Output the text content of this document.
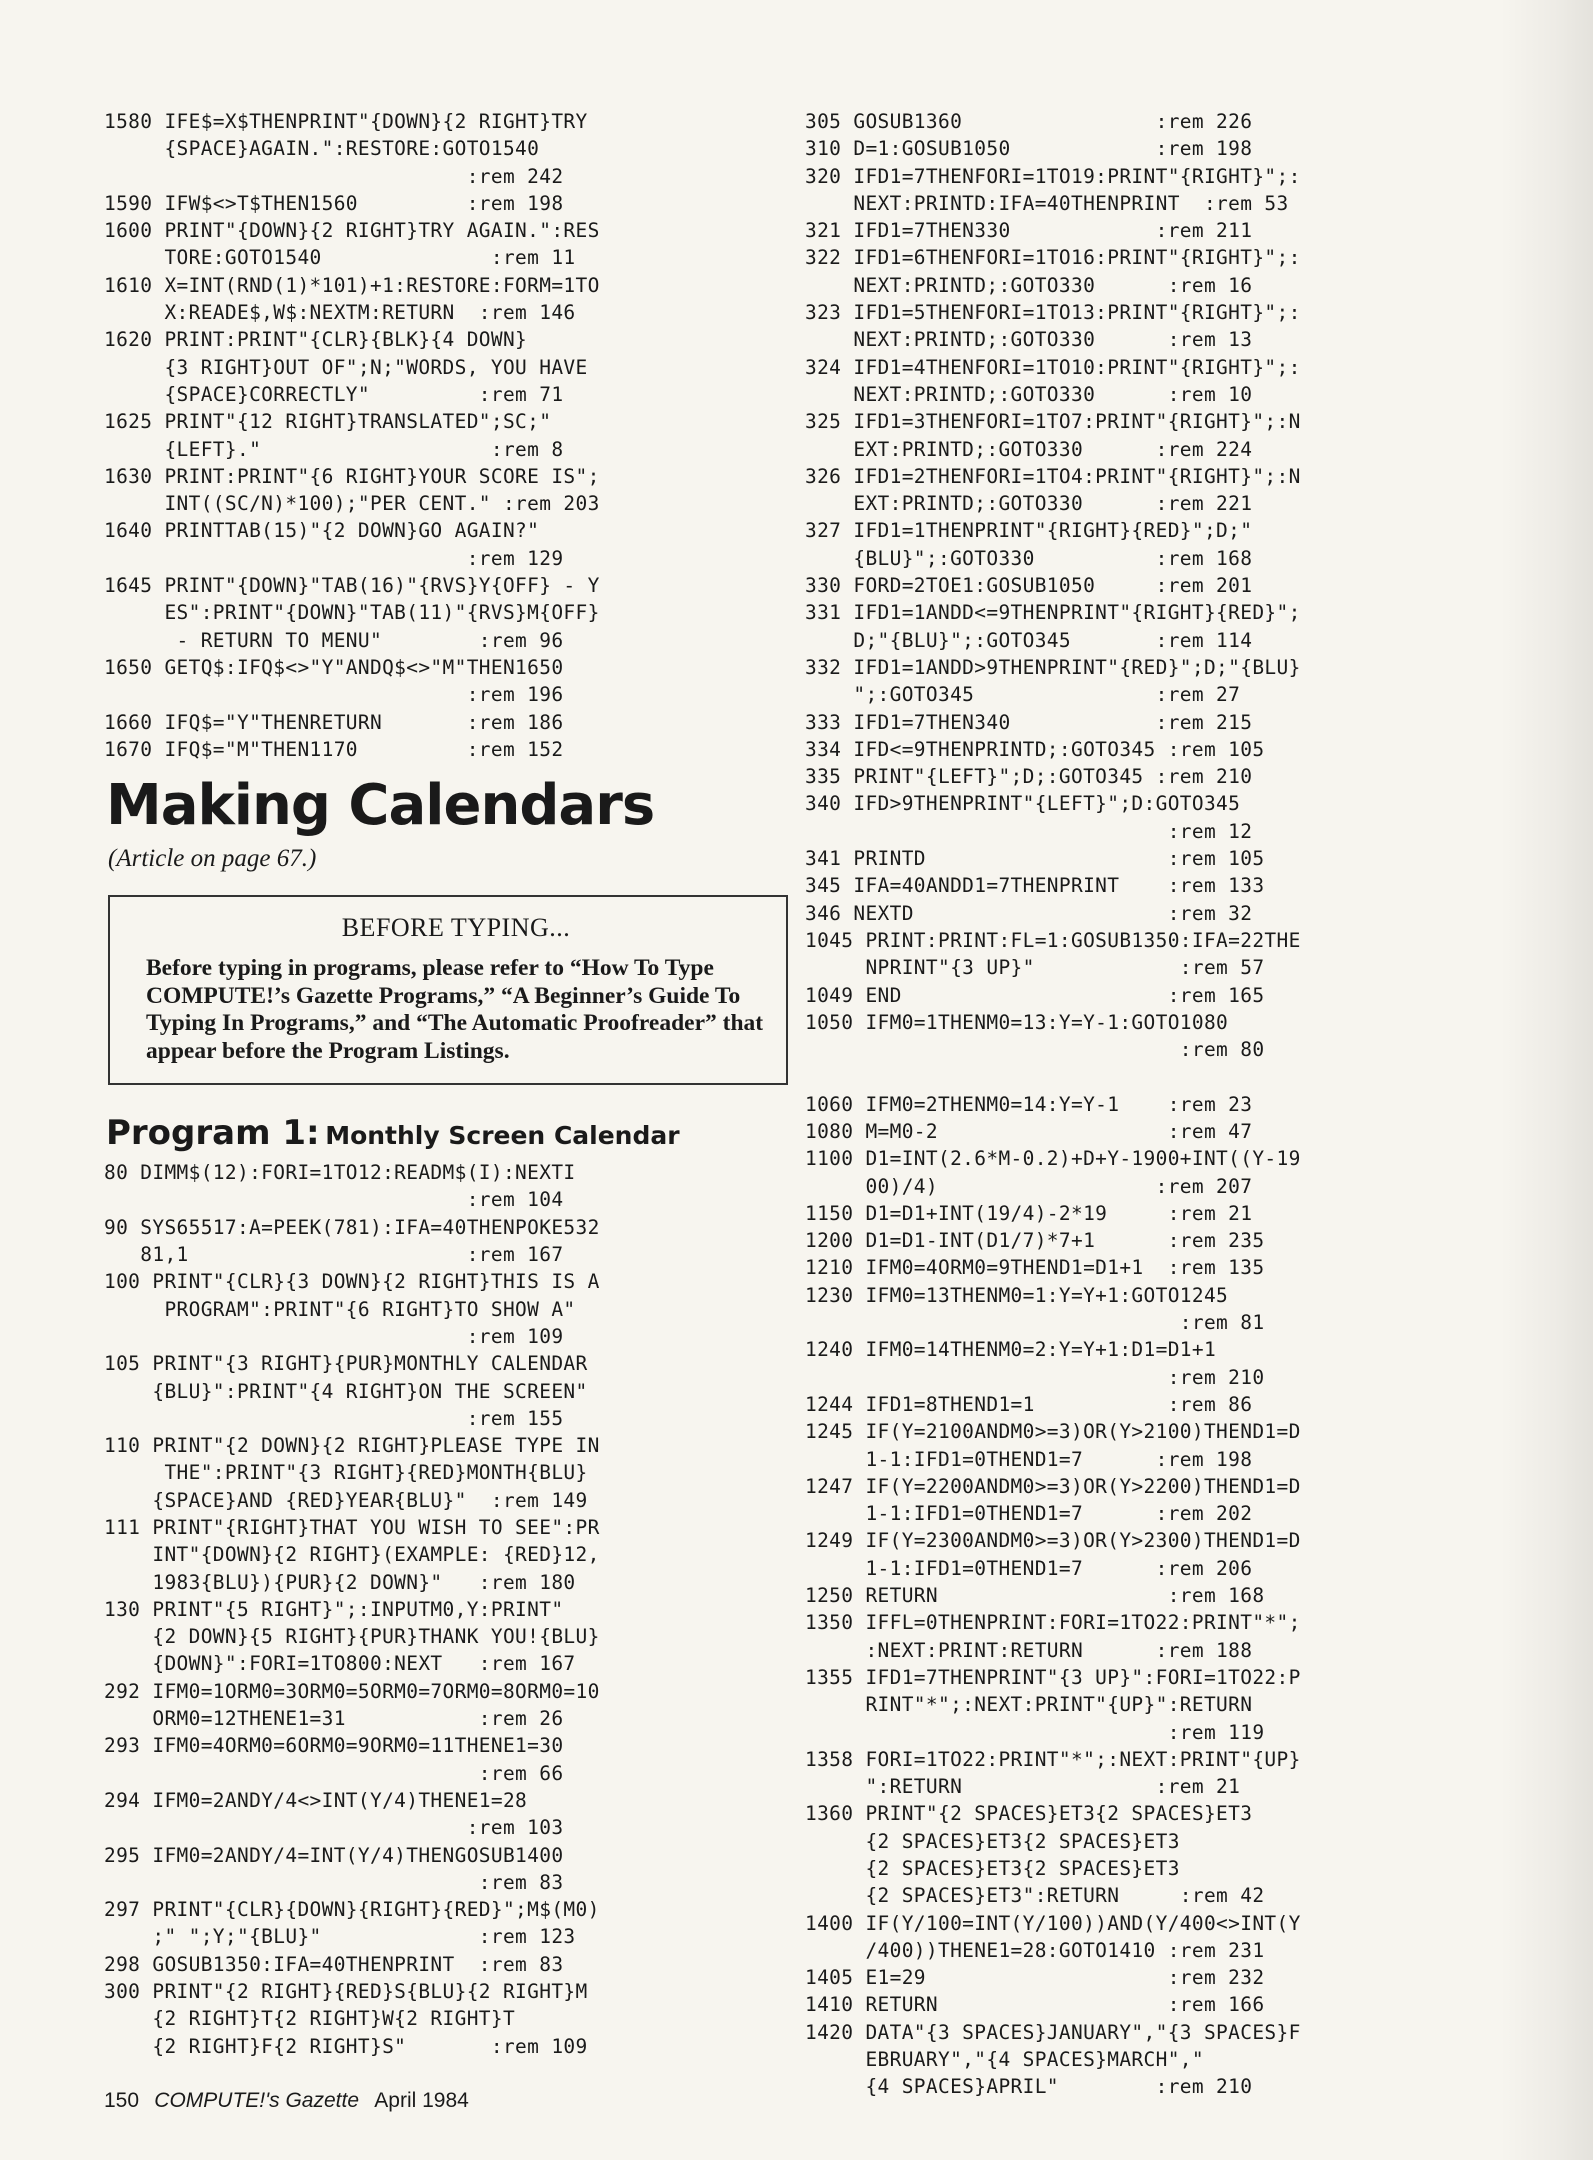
1580 IFE$=X$THENPRINT"{DOWN}{2 RIGHT}TRY
{SPACE}AGAIN.":RESTORE:GOTO1540
:rem 242
1590 IFW$<>T$THEN1560         :rem 198
1600 PRINT"{DOWN}{2 RIGHT}TRY AGAIN.":RES
TORE:GOTO1540              :rem 11
1610 X=INT(RND(1)*101)+1:RESTORE:FORM=1TO
X:READE$,W$:NEXTM:RETURN  :rem 146
1620 PRINT:PRINT"{CLR}{BLK}{4 DOWN}
{3 RIGHT}OUT OF";N;"WORDS, YOU HAVE
{SPACE}CORRECTLY"         :rem 71
1625 PRINT"{12 RIGHT}TRANSLATED";SC;"
{LEFT}."                   :rem 8
1630 PRINT:PRINT"{6 RIGHT}YOUR SCORE IS";
INT((SC/N)*100);"PER CENT." :rem 203
1640 PRINTTAB(15)"{2 DOWN}GO AGAIN?"
:rem 129
1645 PRINT"{DOWN}"TAB(16)"{RVS}Y{OFF} - Y
ES":PRINT"{DOWN}"TAB(11)"{RVS}M{OFF}
- RETURN TO MENU"        :rem 96
1650 GETQ$:IFQ$<>"Y"ANDQ$<>"M"THEN1650
:rem 196
1660 IFQ$="Y"THENRETURN       :rem 186
1670 IFQ$="M"THEN1170         :rem 152
Making Calendars
(Article on page 67.)
BEFORE TYPING...
Before typing in programs, please refer to “How To Type COMPUTE!’s Gazette Programs,” “A Beginner’s Guide To Typing In Programs,” and “The Automatic Proofreader” that appear before the Program Listings.
Program 1: Monthly Screen Calendar
80 DIMM$(12):FORI=1TO12:READM$(I):NEXTI
:rem 104
90 SYS65517:A=PEEK(781):IFA=40THENPOKE532
81,1                       :rem 167
100 PRINT"{CLR}{3 DOWN}{2 RIGHT}THIS IS A
PROGRAM":PRINT"{6 RIGHT}TO SHOW A"
:rem 109
105 PRINT"{3 RIGHT}{PUR}MONTHLY CALENDAR
{BLU}":PRINT"{4 RIGHT}ON THE SCREEN"
:rem 155
110 PRINT"{2 DOWN}{2 RIGHT}PLEASE TYPE IN
THE":PRINT"{3 RIGHT}{RED}MONTH{BLU}
{SPACE}AND {RED}YEAR{BLU}"  :rem 149
111 PRINT"{RIGHT}THAT YOU WISH TO SEE":PR
INT"{DOWN}{2 RIGHT}(EXAMPLE: {RED}12,
1983{BLU}){PUR}{2 DOWN}"   :rem 180
130 PRINT"{5 RIGHT}";:INPUTM0,Y:PRINT"
{2 DOWN}{5 RIGHT}{PUR}THANK YOU!{BLU}
{DOWN}":FORI=1TO800:NEXT   :rem 167
292 IFM0=1ORM0=3ORM0=5ORM0=7ORM0=8ORM0=10
ORM0=12THENE1=31           :rem 26
293 IFM0=4ORM0=6ORM0=9ORM0=11THENE1=30
:rem 66
294 IFM0=2ANDY/4<>INT(Y/4)THENE1=28
:rem 103
295 IFM0=2ANDY/4=INT(Y/4)THENGOSUB1400
:rem 83
297 PRINT"{CLR}{DOWN}{RIGHT}{RED}";M$(M0)
;" ";Y;"{BLU}"             :rem 123
298 GOSUB1350:IFA=40THENPRINT  :rem 83
300 PRINT"{2 RIGHT}{RED}S{BLU}{2 RIGHT}M
{2 RIGHT}T{2 RIGHT}W{2 RIGHT}T
{2 RIGHT}F{2 RIGHT}S"       :rem 109
305 GOSUB1360                :rem 226
310 D=1:GOSUB1050            :rem 198
320 IFD1=7THENFORI=1TO19:PRINT"{RIGHT}";:
NEXT:PRINTD:IFA=40THENPRINT  :rem 53
321 IFD1=7THEN330            :rem 211
322 IFD1=6THENFORI=1TO16:PRINT"{RIGHT}";:
NEXT:PRINTD;:GOTO330      :rem 16
323 IFD1=5THENFORI=1TO13:PRINT"{RIGHT}";:
NEXT:PRINTD;:GOTO330      :rem 13
324 IFD1=4THENFORI=1TO10:PRINT"{RIGHT}";:
NEXT:PRINTD;:GOTO330      :rem 10
325 IFD1=3THENFORI=1TO7:PRINT"{RIGHT}";:N
EXT:PRINTD;:GOTO330      :rem 224
326 IFD1=2THENFORI=1TO4:PRINT"{RIGHT}";:N
EXT:PRINTD;:GOTO330      :rem 221
327 IFD1=1THENPRINT"{RIGHT}{RED}";D;"
{BLU}";:GOTO330          :rem 168
330 FORD=2TOE1:GOSUB1050     :rem 201
331 IFD1=1ANDD<=9THENPRINT"{RIGHT}{RED}";
D;"{BLU}";:GOTO345       :rem 114
332 IFD1=1ANDD>9THENPRINT"{RED}";D;"{BLU}
";:GOTO345               :rem 27
333 IFD1=7THEN340            :rem 215
334 IFD<=9THENPRINTD;:GOTO345 :rem 105
335 PRINT"{LEFT}";D;:GOTO345 :rem 210
340 IFD>9THENPRINT"{LEFT}";D:GOTO345
:rem 12
341 PRINTD                    :rem 105
345 IFA=40ANDD1=7THENPRINT    :rem 133
346 NEXTD                     :rem 32
1045 PRINT:PRINT:FL=1:GOSUB1350:IFA=22THE
NPRINT"{3 UP}"            :rem 57
1049 END                      :rem 165
1050 IFM0=1THENM0=13:Y=Y-1:GOTO1080
:rem 80

1060 IFM0=2THENM0=14:Y=Y-1    :rem 23
1080 M=M0-2                   :rem 47
1100 D1=INT(2.6*M-0.2)+D+Y-1900+INT((Y-19
00)/4)                  :rem 207
1150 D1=D1+INT(19/4)-2*19     :rem 21
1200 D1=D1-INT(D1/7)*7+1      :rem 235
1210 IFM0=4ORM0=9THEND1=D1+1  :rem 135
1230 IFM0=13THENM0=1:Y=Y+1:GOTO1245
:rem 81
1240 IFM0=14THENM0=2:Y=Y+1:D1=D1+1
:rem 210
1244 IFD1=8THEND1=1           :rem 86
1245 IF(Y=2100ANDM0>=3)OR(Y>2100)THEND1=D
1-1:IFD1=0THEND1=7      :rem 198
1247 IF(Y=2200ANDM0>=3)OR(Y>2200)THEND1=D
1-1:IFD1=0THEND1=7      :rem 202
1249 IF(Y=2300ANDM0>=3)OR(Y>2300)THEND1=D
1-1:IFD1=0THEND1=7      :rem 206
1250 RETURN                   :rem 168
1350 IFFL=0THENPRINT:FORI=1TO22:PRINT"*";
:NEXT:PRINT:RETURN      :rem 188
1355 IFD1=7THENPRINT"{3 UP}":FORI=1TO22:P
RINT"*";:NEXT:PRINT"{UP}":RETURN
:rem 119
1358 FORI=1TO22:PRINT"*";:NEXT:PRINT"{UP}
":RETURN                :rem 21
1360 PRINT"{2 SPACES}ET3{2 SPACES}ET3
{2 SPACES}ET3{2 SPACES}ET3
{2 SPACES}ET3{2 SPACES}ET3
{2 SPACES}ET3":RETURN     :rem 42
1400 IF(Y/100=INT(Y/100))AND(Y/400<>INT(Y
/400))THENE1=28:GOTO1410 :rem 231
1405 E1=29                    :rem 232
1410 RETURN                   :rem 166
1420 DATA"{3 SPACES}JANUARY","{3 SPACES}F
EBRUARY","{4 SPACES}MARCH","
{4 SPACES}APRIL"        :rem 210
150 COMPUTE!'s Gazette April 1984
